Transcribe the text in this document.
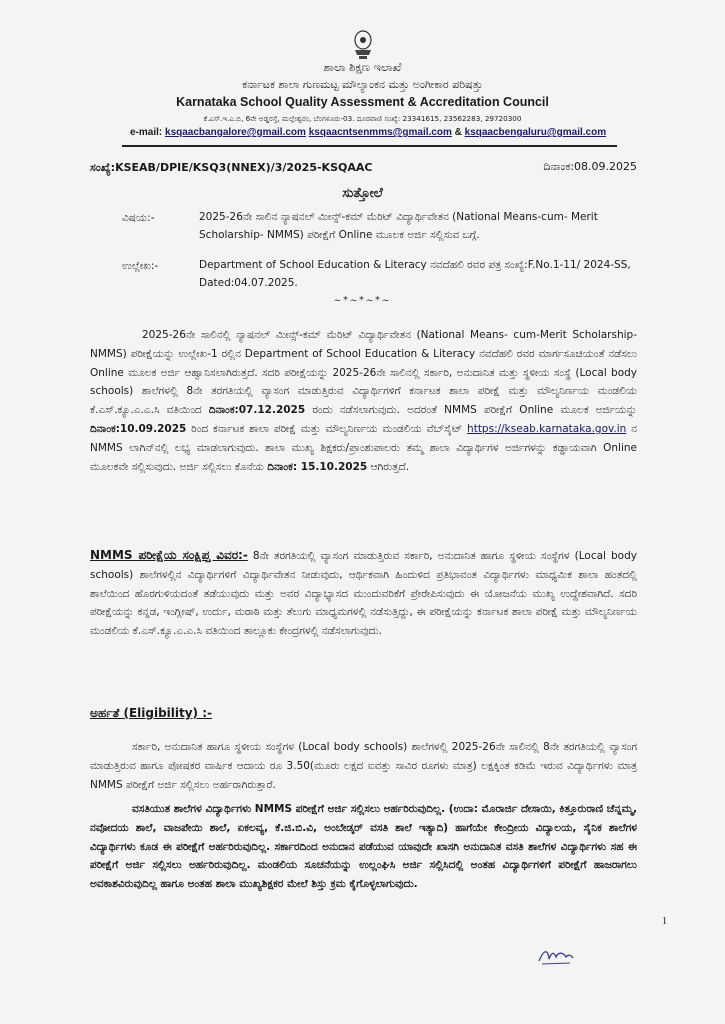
ಶಾಲಾ ಶಿಕ್ಷಣ ಇಲಾಖೆ
ಕರ್ನಾಟಕ ಶಾಲಾ ಗುಣಮಟ್ಟ ಮೌಲ್ಯಾಂಕನ ಮತ್ತು ಅಂಗೀಕಾರ ಪರಿಷತ್ತು
Karnataka School Quality Assessment & Accreditation Council
ಕೆ.ಎಸ್.ಇ.ಎ.ಬಿ, 6ನೇ ಅಡ್ಡರಸ್ತೆ, ಮಲ್ಲೇಶ್ವರಂ, ಬೆಂಗಳೂರು-03. ದೂರವಾಣಿ ಸಂಖ್ಯೆ: 23341615, 23562283, 29720300
e-mail: ksqaacbangalore@gmail.com ksqaacntsenmms@gmail.com & ksqaacbengaluru@gmail.com
ಸಂಖ್ಯೆ:KSEAB/DPIE/KSQ3(NNEX)/3/2025-KSQAAC	ದಿನಾಂಕ:08.09.2025
ಸುತ್ತೋಲೆ
ವಿಷಯ:-	2025-26ನೇ ಸಾಲಿನ ನ್ಯಾಷನಲ್ ಮೀನ್ಸ್-ಕಮ್ ಮೆರಿಟ್ ವಿದ್ಯಾರ್ಥಿವೇತನ (National Means-cum- Merit Scholarship- NMMS) ಪರೀಕ್ಷೆಗೆ Online ಮೂಲಕ ಅರ್ಜಿ ಸಲ್ಲಿಸುವ ಬಗ್ಗೆ.
ಉಲ್ಲೇಖ:-	Department of School Education & Literacy ನವದೆಹಲಿ ರವರ ಪತ್ರ ಸಂಖ್ಯೆ:F.No.1-11/ 2024-SS, Dated:04.07.2025.
~*~*~*~
2025-26ನೇ ಸಾಲಿನಲ್ಲಿ ನ್ಯಾಷನಲ್ ಮೀನ್ಸ್-ಕಮ್ ಮೆರಿಟ್ ವಿದ್ಯಾರ್ಥಿವೇತನ (National Means- cum-Merit Scholarship- NMMS) ಪರೀಕ್ಷೆಯನ್ನು ಉಲ್ಲೇಖ-1 ರಲ್ಲಿನ Department of School Education & Literacy ನವದೆಹಲಿ ರವರ ಮಾರ್ಗಸೂಚಿಯಂತೆ ನಡೆಸಲು Online ಮೂಲಕ ಅರ್ಜಿ ಆಹ್ವಾನಿಸಲಾಗಿರುತ್ತದೆ. ಸದರಿ ಪರೀಕ್ಷೆಯನ್ನು 2025-26ನೇ ಸಾಲಿನಲ್ಲಿ ಸರ್ಕಾರಿ, ಅನುದಾನಿತ ಮತ್ತು ಸ್ಥಳೀಯ ಸಂಸ್ಥೆ (Local body schools) ಶಾಲೆಗಳಲ್ಲಿ 8ನೇ ತರಗತಿಯಲ್ಲಿ ವ್ಯಾಸಂಗ ಮಾಡುತ್ತಿರುವ ವಿದ್ಯಾರ್ಥಿಗಳಿಗೆ ಕರ್ನಾಟಕ ಶಾಲಾ ಪರೀಕ್ಷೆ ಮತ್ತು ಮೌಲ್ಯನಿರ್ಣಯ ಮಂಡಲಿಯ ಕೆ.ಎಸ್.ಕ್ಯೂ.ಎ.ಎ.ಸಿ ವತಿಯಿಂದ ದಿನಾಂಕ:07.12.2025 ರಂದು ನಡೆಸಲಾಗುವುದು. ಅದರಂತೆ NMMS ಪರೀಕ್ಷೆಗೆ Online ಮೂಲಕ ಅರ್ಜಿಯನ್ನು ದಿನಾಂಕ:10.09.2025 ರಿಂದ ಕರ್ನಾಟಕ ಶಾಲಾ ಪರೀಕ್ಷೆ ಮತ್ತು ಮೌಲ್ಯನಿರ್ಣಯ ಮಂಡಲಿಯ ವೆಬ್‌ಸೈಟ್ https://kseab.karnataka.gov.in ನ NMMS ಲಾಗಿನ್‌ನಲ್ಲಿ ಲಭ್ಯ ಮಾಡಲಾಗುವುದು. ಶಾಲಾ ಮುಖ್ಯ ಶಿಕ್ಷಕರು/ಪ್ರಾಂಶುಪಾಲರು ತಮ್ಮ ಶಾಲಾ ವಿದ್ಯಾರ್ಥಿಗಳ ಅರ್ಜಿಗಳನ್ನು ಕಡ್ಡಾಯವಾಗಿ Online ಮೂಲಕವೇ ಸಲ್ಲಿಸುವುದು. ಅರ್ಜಿ ಸಲ್ಲಿಸಲು ಕೊನೆಯ ದಿನಾಂಕ: 15.10.2025 ಆಗಿರುತ್ತದೆ.
NMMS ಪರೀಕ್ಷೆಯ ಸಂಕ್ಷಿಪ್ತ ವಿವರ:- 8ನೇ ತರಗತಿಯಲ್ಲಿ ವ್ಯಾಸಂಗ ಮಾಡುತ್ತಿರುವ ಸರ್ಕಾರಿ, ಅನುದಾನಿತ ಹಾಗೂ ಸ್ಥಳೀಯ ಸಂಸ್ಥೆಗಳ (Local body schools) ಶಾಲೆಗಳಲ್ಲಿನ ವಿದ್ಯಾರ್ಥಿಗಳಿಗೆ ವಿದ್ಯಾರ್ಥಿವೇತನ ನೀಡುವುದು, ಆರ್ಥಿಕವಾಗಿ ಹಿಂದುಳಿದ ಪ್ರತಿಭಾವಂತ ವಿದ್ಯಾರ್ಥಿಗಳು ಮಾಧ್ಯಮಿಕ ಶಾಲಾ ಹಂತದಲ್ಲಿ ಶಾಲೆಯಿಂದ ಹೊರಗುಳಿಯದಂತೆ ತಡೆಯುವುದು ಮತ್ತು ಅವರ ವಿದ್ಯಾಭ್ಯಾಸದ ಮುಂದುವರಿಕೆಗೆ ಪ್ರೇರೇಪಿಸುವುದು ಈ ಯೋಜನೆಯ ಮುಖ್ಯ ಉದ್ದೇಶವಾಗಿದೆ. ಸದರಿ ಪರೀಕ್ಷೆಯನ್ನು ಕನ್ನಡ, ಇಂಗ್ಲೀಷ್, ಉರ್ದು, ಮರಾಠಿ ಮತ್ತು ತೆಲುಗು ಮಾಧ್ಯಮಗಳಲ್ಲಿ ನಡೆಸುತ್ತಿದ್ದು, ಈ ಪರೀಕ್ಷೆಯನ್ನು ಕರ್ನಾಟಕ ಶಾಲಾ ಪರೀಕ್ಷೆ ಮತ್ತು ಮೌಲ್ಯನಿರ್ಣಯ ಮಂಡಲಿಯ ಕೆ.ಎಸ್.ಕ್ಯೂ.ಎ.ಎ.ಸಿ ವತಿಯಿಂದ ತಾಲ್ಲೂಕು ಕೇಂದ್ರಗಳಲ್ಲಿ ನಡೆಸಲಾಗುವುದು.
ಅರ್ಹತೆ (Eligibility) :-
ಸರ್ಕಾರಿ, ಅನುದಾನಿತ ಹಾಗೂ ಸ್ಥಳೀಯ ಸಂಸ್ಥೆಗಳ (Local body schools) ಶಾಲೆಗಳಲ್ಲಿ 2025-26ನೇ ಸಾಲಿನಲ್ಲಿ 8ನೇ ತರಗತಿಯಲ್ಲಿ ವ್ಯಾಸಂಗ ಮಾಡುತ್ತಿರುವ ಹಾಗೂ ಪೋಷಕರ ವಾರ್ಷಿಕ ಆದಾಯ ರೂ 3.50(ಮೂರು ಲಕ್ಷದ ಐವತ್ತು ಸಾವಿರ ರೂಗಳು ಮಾತ್ರ) ಲಕ್ಷಕ್ಕಿಂತ ಕಡಿಮೆ ಇರುವ ವಿದ್ಯಾರ್ಥಿಗಳು ಮಾತ್ರ NMMS ಪರೀಕ್ಷೆಗೆ ಅರ್ಜಿ ಸಲ್ಲಿಸಲು ಅರ್ಹರಾಗಿರುತ್ತಾರೆ.
ವಸತಿಯುತ ಶಾಲೆಗಳ ವಿದ್ಯಾರ್ಥಿಗಳು NMMS ಪರೀಕ್ಷೆಗೆ ಅರ್ಜಿ ಸಲ್ಲಿಸಲು ಅರ್ಹರಿರುವುದಿಲ್ಲ. (ಉದಾ: ಮೊರಾರ್ಜಿ ದೇಸಾಯಿ, ಕಿತ್ತೂರುರಾಣಿ ಚೆನ್ನಮ್ಮ, ನವೋದಯ ಶಾಲೆ, ವಾಜಪೇಯಿ ಶಾಲೆ, ಏಕಲವ್ಯ, ಕೆ.ಜಿ.ಬಿ.ವಿ, ಅಂಬೇಡ್ಕರ್ ವಸತಿ ಶಾಲೆ ಇತ್ಯಾದಿ) ಹಾಗೆಯೇ ಕೇಂದ್ರೀಯ ವಿದ್ಯಾಲಯ, ಸೈನಿಕ ಶಾಲೆಗಳ ವಿದ್ಯಾರ್ಥಿಗಳು ಕೂಡ ಈ ಪರೀಕ್ಷೆಗೆ ಅರ್ಹರಿರುವುದಿಲ್ಲ. ಸರ್ಕಾರದಿಂದ ಅನುದಾನ ಪಡೆಯುವ ಯಾವುದೇ ಖಾಸಗಿ ಅನುದಾನಿತ ವಸತಿ ಶಾಲೆಗಳ ವಿದ್ಯಾರ್ಥಿಗಳು ಸಹ ಈ ಪರೀಕ್ಷೆಗೆ ಅರ್ಜಿ ಸಲ್ಲಿಸಲು ಅರ್ಹರಿರುವುದಿಲ್ಲ. ಮಂಡಲಿಯ ಸೂಚನೆಯನ್ನು ಉಲ್ಲಂಘಿಸಿ ಅರ್ಜಿ ಸಲ್ಲಿಸಿದಲ್ಲಿ ಅಂತಹ ವಿದ್ಯಾರ್ಥಿಗಳಿಗೆ ಪರೀಕ್ಷೆಗೆ ಹಾಜರಾಗಲು ಅವಕಾಶವಿರುವುದಿಲ್ಲ ಹಾಗೂ ಅಂತಹ ಶಾಲಾ ಮುಖ್ಯಶಿಕ್ಷಕರ ಮೇಲೆ ಶಿಸ್ತು ಕ್ರಮ ಕೈಗೊಳ್ಳಲಾಗುವುದು.
1
